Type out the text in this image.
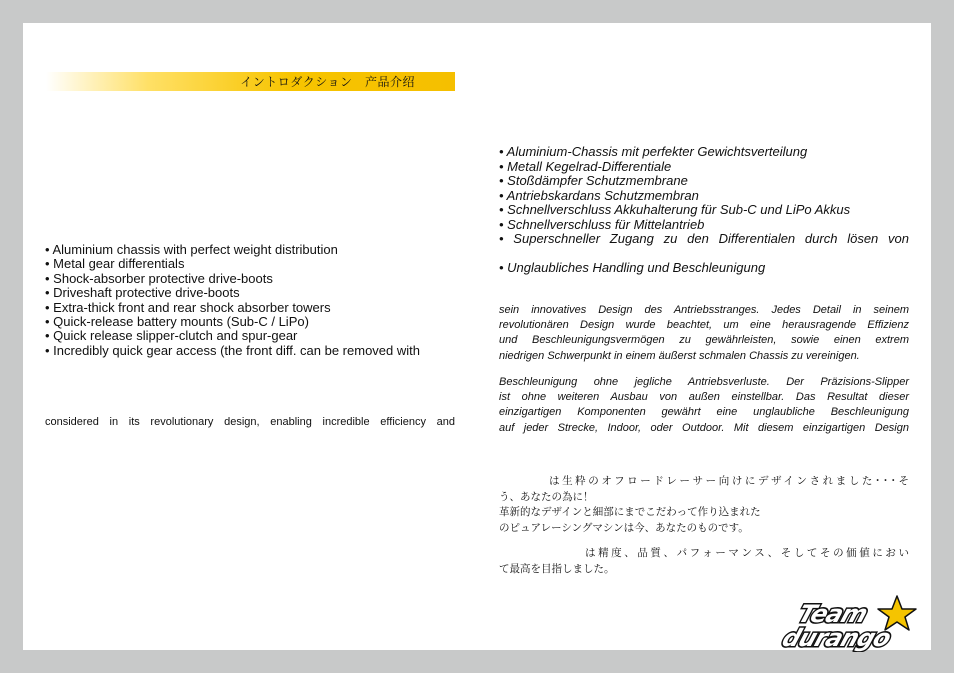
イントロダクション　产品介绍
• Aluminium chassis with perfect weight distribution
• Metal gear differentials
• Shock-absorber protective drive-boots
• Driveshaft protective drive-boots
• Extra-thick front and rear shock absorber towers
• Quick-release battery mounts (Sub-C / LiPo)
• Quick release slipper-clutch and spur-gear
• Incredibly quick gear access (the front diff. can be removed with
considered in its revolutionary design, enabling incredible efficiency and
• Aluminium-Chassis mit perfekter Gewichtsverteilung
• Metall Kegelrad-Differentiale
• Stoßdämpfer Schutzmembrane
• Antriebskardans Schutzmembran
• Schnellverschluss Akkuhalterung für Sub-C und LiPo Akkus
• Schnellverschluss für Mittelantrieb
• Superschneller Zugang zu den Differentialen durch lösen von
• Unglaubliches Handling und Beschleunigung
sein innovatives Design des Antriebsstranges. Jedes Detail in seinem
revolutionären Design wurde beachtet, um eine herausragende Effizienz
und Beschleunigungsvermögen zu gewährleisten, sowie einen extrem
niedrigen Schwerpunkt in einem äußerst schmalen Chassis zu vereinigen.
Beschleunigung ohne jegliche Antriebsverluste. Der Präzisions-Slipper
ist ohne weiteren Ausbau von außen einstellbar. Das Resultat dieser
einzigartigen Komponenten gewährt eine unglaubliche Beschleunigung
auf jeder Strecke, Indoor, oder Outdoor. Mit diesem einzigartigen Design
は生粋のオフロードレーサー向けにデザインされました･･･そ
う、あなたの為に！
革新的なデザインと細部にまでこだわって作り込まれた
のピュアレーシングマシンは今、あなたのものです。
は精度、品質、パフォーマンス、そしてその価値におい
て最高を目指しました。
Team
durango
